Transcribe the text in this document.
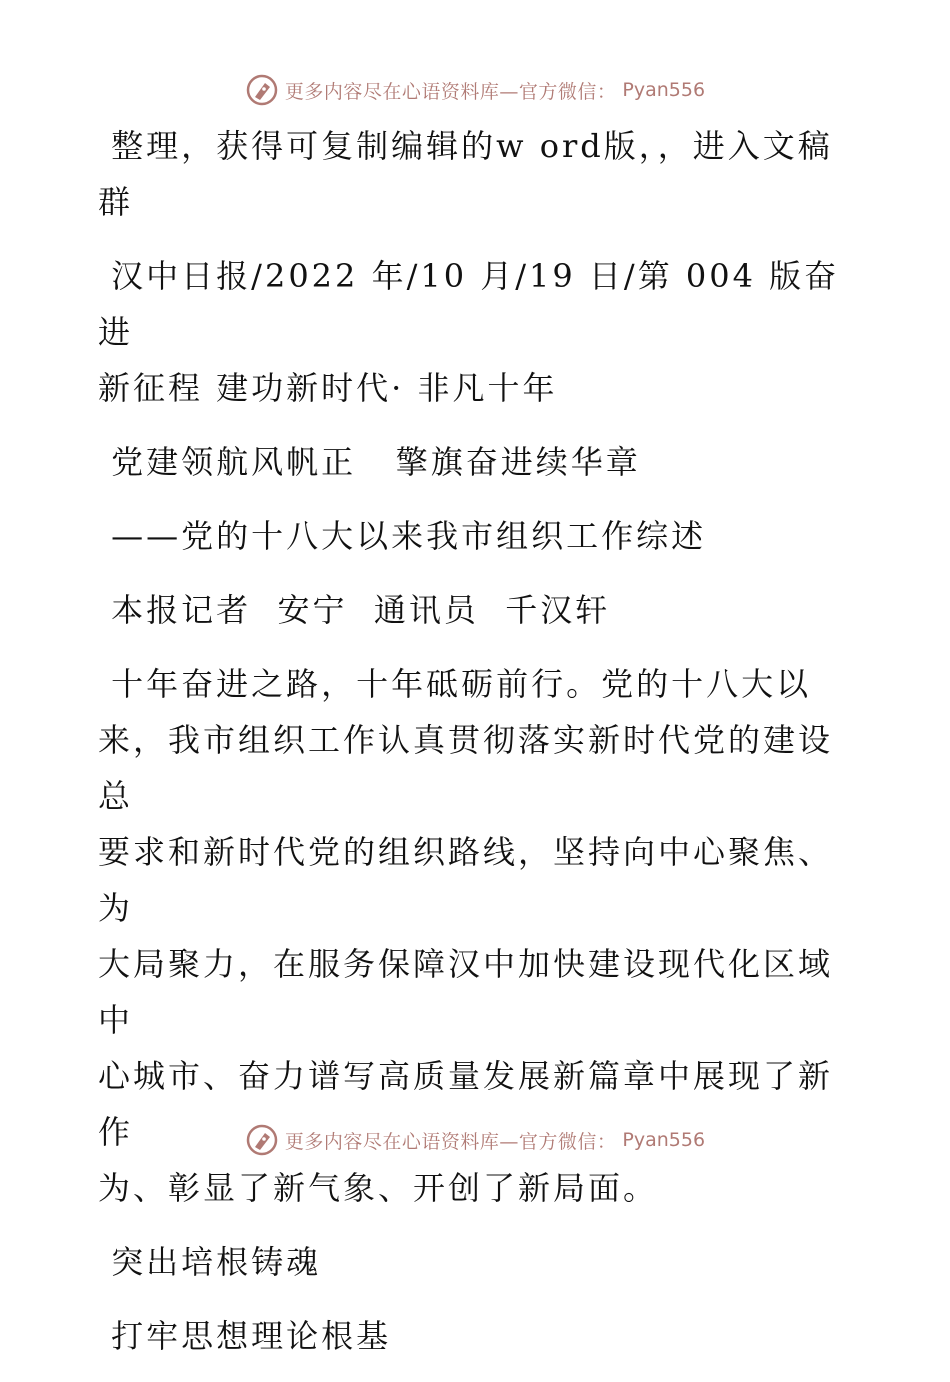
更多内容尽在心语资料库—官方微信： Pyan556
整理，获得可复制编辑的w ord版，，进入文稿
群
汉中日报/2022 年/10 月/19 日/第 004 版奋进
新征程 建功新时代· 非凡十年
党建领航风帆正   擎旗奋进续华章
——党的十八大以来我市组织工作综述
本报记者  安宁  通讯员  千汉轩
十年奋进之路，十年砥砺前行。党的十八大以
来，我市组织工作认真贯彻落实新时代党的建设总
要求和新时代党的组织路线，坚持向中心聚焦、为
大局聚力，在服务保障汉中加快建设现代化区域中
心城市、奋力谱写高质量发展新篇章中展现了新作
为、彰显了新气象、开创了新局面。
突出培根铸魂
打牢思想理论根基
更多内容尽在心语资料库—官方微信： Pyan556
